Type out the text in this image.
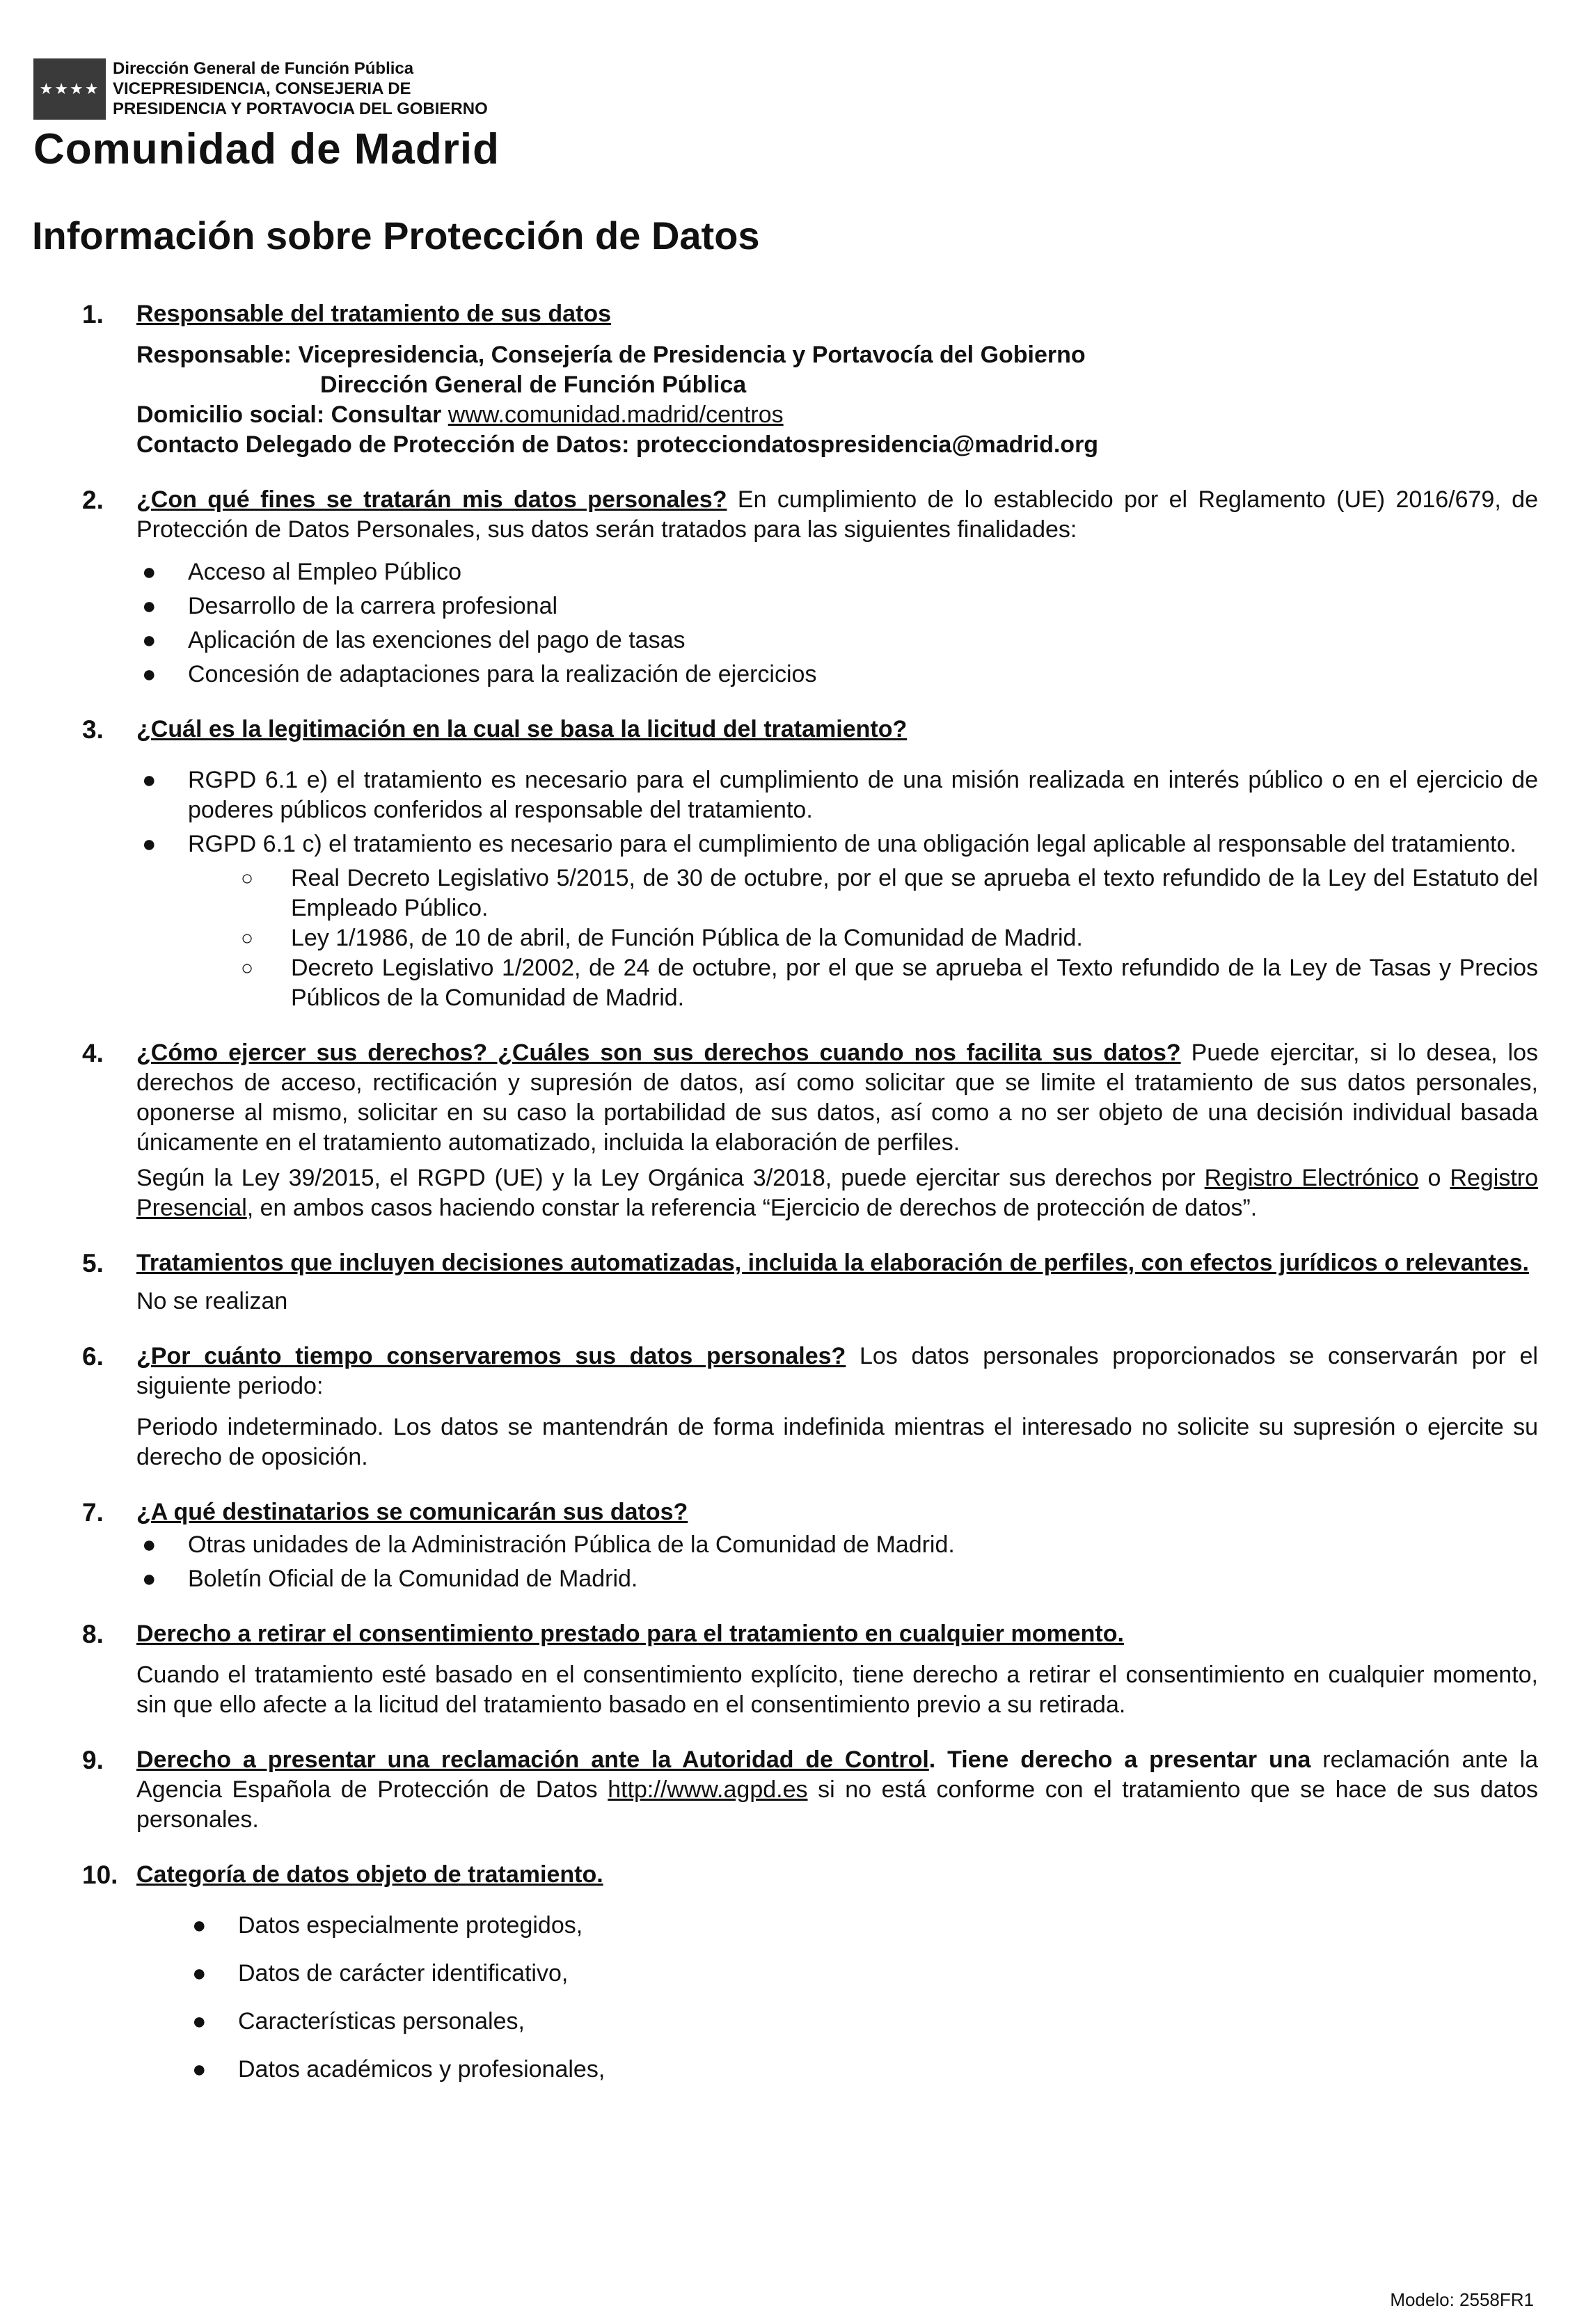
★★★★
Dirección General de Función Pública
VICEPRESIDENCIA, CONSEJERIA DE
PRESIDENCIA Y PORTAVOCIA DEL GOBIERNO
Comunidad de Madrid
Información sobre Protección de Datos
1. Responsable del tratamiento de sus datos

Responsable: Vicepresidencia, Consejería de Presidencia y Portavocía del Gobierno

Dirección General de Función Pública

Domicilio social: Consultar www.comunidad.madrid/centros

Contacto Delegado de Protección de Datos: protecciondatospresidencia@madrid.org

2. ¿Con qué fines se tratarán mis datos personales? En cumplimiento de lo establecido por el Reglamento (UE) 2016/679, de Protección de Datos Personales, sus datos serán tratados para las siguientes finalidades:

● Acceso al Empleo Público
● Desarrollo de la carrera profesional
● Aplicación de las exenciones del pago de tasas
● Concesión de adaptaciones para la realización de ejercicios
3. ¿Cuál es la legitimación en la cual se basa la licitud del tratamiento?

● RGPD 6.1 e) el tratamiento es necesario para el cumplimiento de una misión realizada en interés público o en el ejercicio de poderes públicos conferidos al responsable del tratamiento.
● RGPD 6.1 c) el tratamiento es necesario para el cumplimiento de una obligación legal aplicable al responsable del tratamiento.
○ Real Decreto Legislativo 5/2015, de 30 de octubre, por el que se aprueba el texto refundido de la Ley del Estatuto del Empleado Público.
○ Ley 1/1986, de 10 de abril, de Función Pública de la Comunidad de Madrid.
○ Decreto Legislativo 1/2002, de 24 de octubre, por el que se aprueba el Texto refundido de la Ley de Tasas y Precios Públicos de la Comunidad de Madrid.
4. ¿Cómo ejercer sus derechos? ¿Cuáles son sus derechos cuando nos facilita sus datos? Puede ejercitar, si lo desea, los derechos de acceso, rectificación y supresión de datos, así como solicitar que se limite el tratamiento de sus datos personales, oponerse al mismo, solicitar en su caso la portabilidad de sus datos, así como a no ser objeto de una decisión individual basada únicamente en el tratamiento automatizado, incluida la elaboración de perfiles.

Según la Ley 39/2015, el RGPD (UE) y la Ley Orgánica 3/2018, puede ejercitar sus derechos por Registro Electrónico o Registro Presencial, en ambos casos haciendo constar la referencia “Ejercicio de derechos de protección de datos”.

5. Tratamientos que incluyen decisiones automatizadas, incluida la elaboración de perfiles, con efectos jurídicos o relevantes.

No se realizan

6. ¿Por cuánto tiempo conservaremos sus datos personales? Los datos personales proporcionados se conservarán por el siguiente periodo:

Periodo indeterminado. Los datos se mantendrán de forma indefinida mientras el interesado no solicite su supresión o ejercite su derecho de oposición.

7. ¿A qué destinatarios se comunicarán sus datos?

● Otras unidades de la Administración Pública de la Comunidad de Madrid.
● Boletín Oficial de la Comunidad de Madrid.
8. Derecho a retirar el consentimiento prestado para el tratamiento en cualquier momento.

Cuando el tratamiento esté basado en el consentimiento explícito, tiene derecho a retirar el consentimiento en cualquier momento, sin que ello afecte a la licitud del tratamiento basado en el consentimiento previo a su retirada.

9. Derecho a presentar una reclamación ante la Autoridad de Control. Tiene derecho a presentar una reclamación ante la Agencia Española de Protección de Datos http://www.agpd.es si no está conforme con el tratamiento que se hace de sus datos personales.

10. Categoría de datos objeto de tratamiento.

● Datos especialmente protegidos,
● Datos de carácter identificativo,
● Características personales,
● Datos académicos y profesionales,
Modelo: 2558FR1
